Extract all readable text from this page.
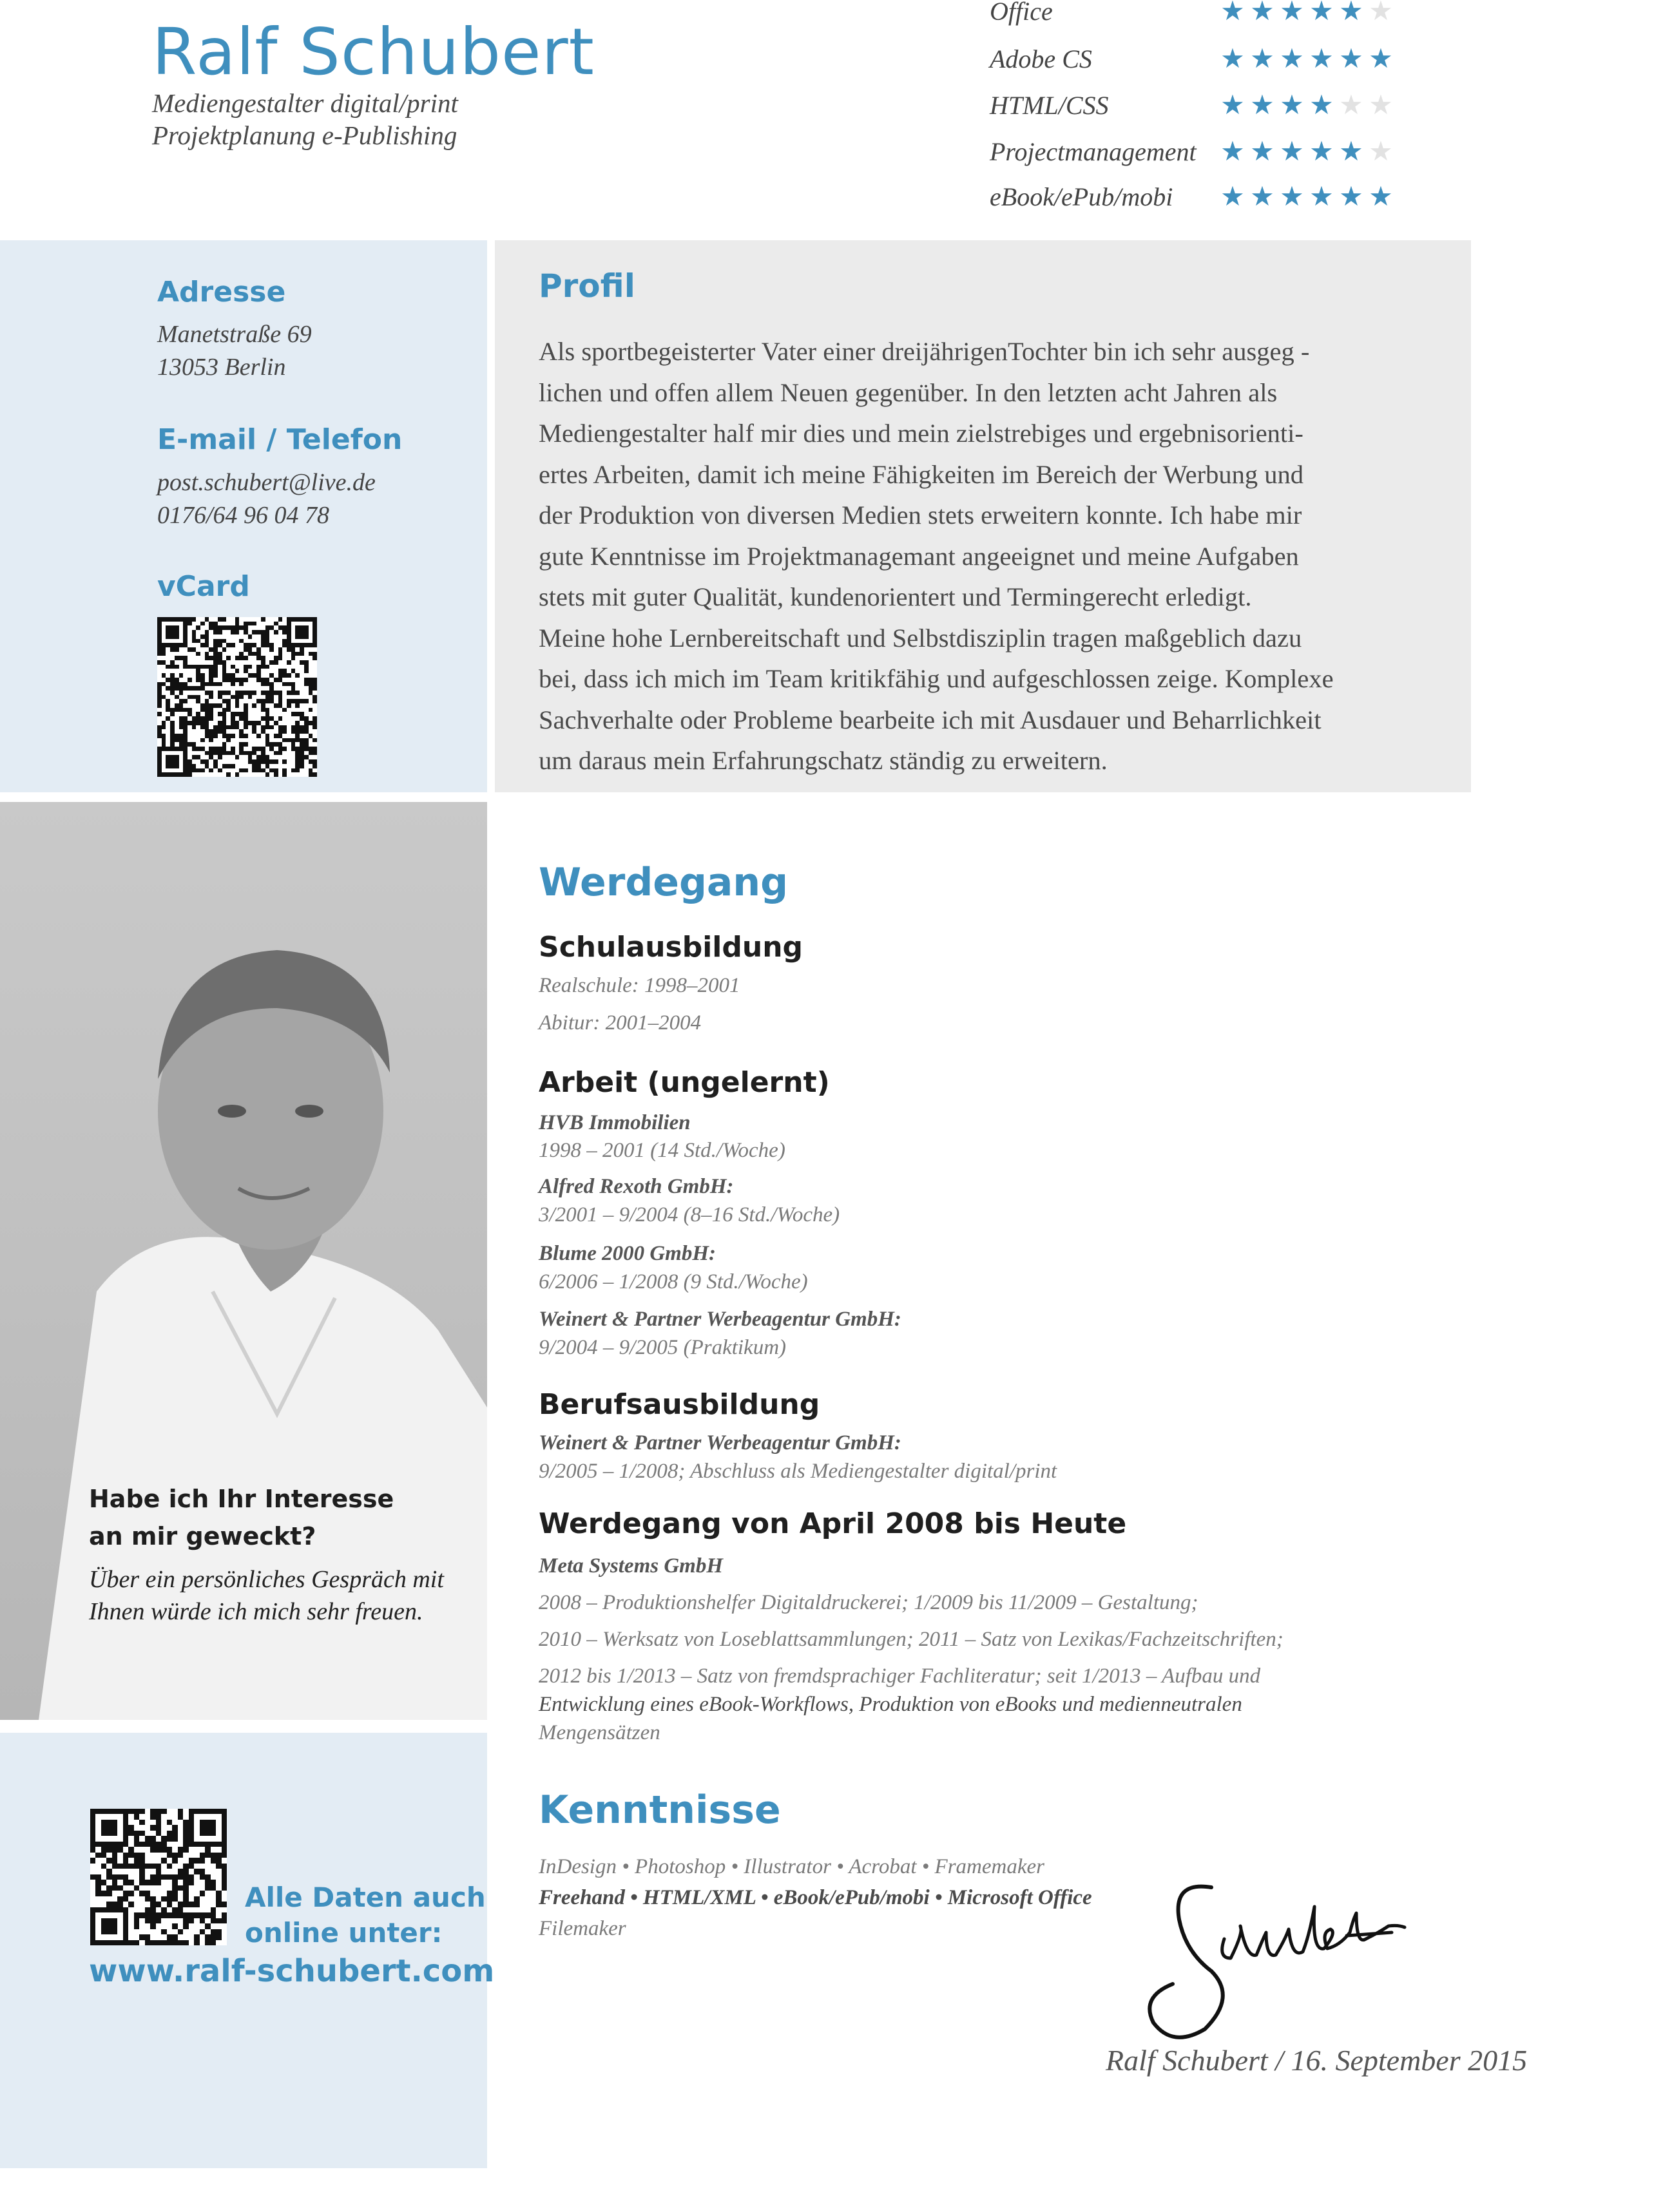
Ralf Schubert
Mediengestalter digital/print
Projektplanung e-Publishing
Office	★ ★ ★ ★ ★ ★
Adobe CS	★ ★ ★ ★ ★ ★
HTML/CSS	★ ★ ★ ★ ★ ★
Projectmanagement ★ ★ ★ ★ ★ ★
eBook/ePub/mobi ★ ★ ★ ★ ★ ★
Adresse
Manetstraße 69
13053 Berlin
E-mail / Telefon
post.schubert@live.de
0176/64 96 04 78
vCard
Profil
Als sportbegeisterter Vater einer dreijährigenTochter bin ich sehr ausgeg -
lichen und offen allem Neuen gegenüber. In den letzten acht Jahren als
Mediengestalter half mir dies und mein zielstrebiges und ergebnisorienti-
ertes Arbeiten, damit ich meine Fähigkeiten im Bereich der Werbung und
der Produktion von diversen Medien stets erweitern konnte. Ich habe mir
gute Kenntnisse im Projektmanagemant angeeignet und meine Aufgaben
stets mit guter Qualität, kundenorientert und Termingerecht erledigt.
Meine hohe Lernbereitschaft und Selbstdisziplin tragen maßgeblich dazu
bei, dass ich mich im Team kritikfähig und aufgeschlossen zeige. Komplexe
Sachverhalte oder Probleme bearbeite ich mit Ausdauer und Beharrlichkeit
um daraus mein Erfahrungschatz ständig zu erweitern.
Habe ich Ihr Interesse
an mir geweckt?
Über ein persönliches Gespräch mit Ihnen würde ich mich sehr freuen.
Alle Daten auch
online unter:
www.ralf-schubert.com
Werdegang
Schulausbildung
Realschule: 1998–2001
Abitur: 2001–2004
Arbeit (ungelernt)
HVB Immobilien
1998 – 2001 (14 Std./Woche)
Alfred Rexoth GmbH:
3/2001 – 9/2004 (8–16 Std./Woche)
Blume 2000 GmbH:
6/2006 – 1/2008 (9 Std./Woche)
Weinert & Partner Werbeagentur GmbH:
9/2004 – 9/2005 (Praktikum)
Berufsausbildung
Weinert & Partner Werbeagentur GmbH:
9/2005 – 1/2008; Abschluss als Mediengestalter digital/print
Werdegang von April 2008 bis Heute
Meta Systems GmbH
2008 – Produktionshelfer Digitaldruckerei; 1/2009 bis 11/2009 – Gestaltung;
2010 – Werksatz von Loseblattsammlungen; 2011 – Satz von Lexikas/Fachzeitschriften;
2012 bis 1/2013 – Satz von fremdsprachiger Fachliteratur; seit 1/2013 – Aufbau und
Entwicklung eines eBook-Workflows, Produktion von eBooks und medienneutralen
Mengensätzen
Kenntnisse
InDesign • Photoshop • Illustrator • Acrobat • Framemaker
Freehand • HTML/XML • eBook/ePub/mobi • Microsoft Office
Filemaker
Ralf Schubert / 16. September 2015
